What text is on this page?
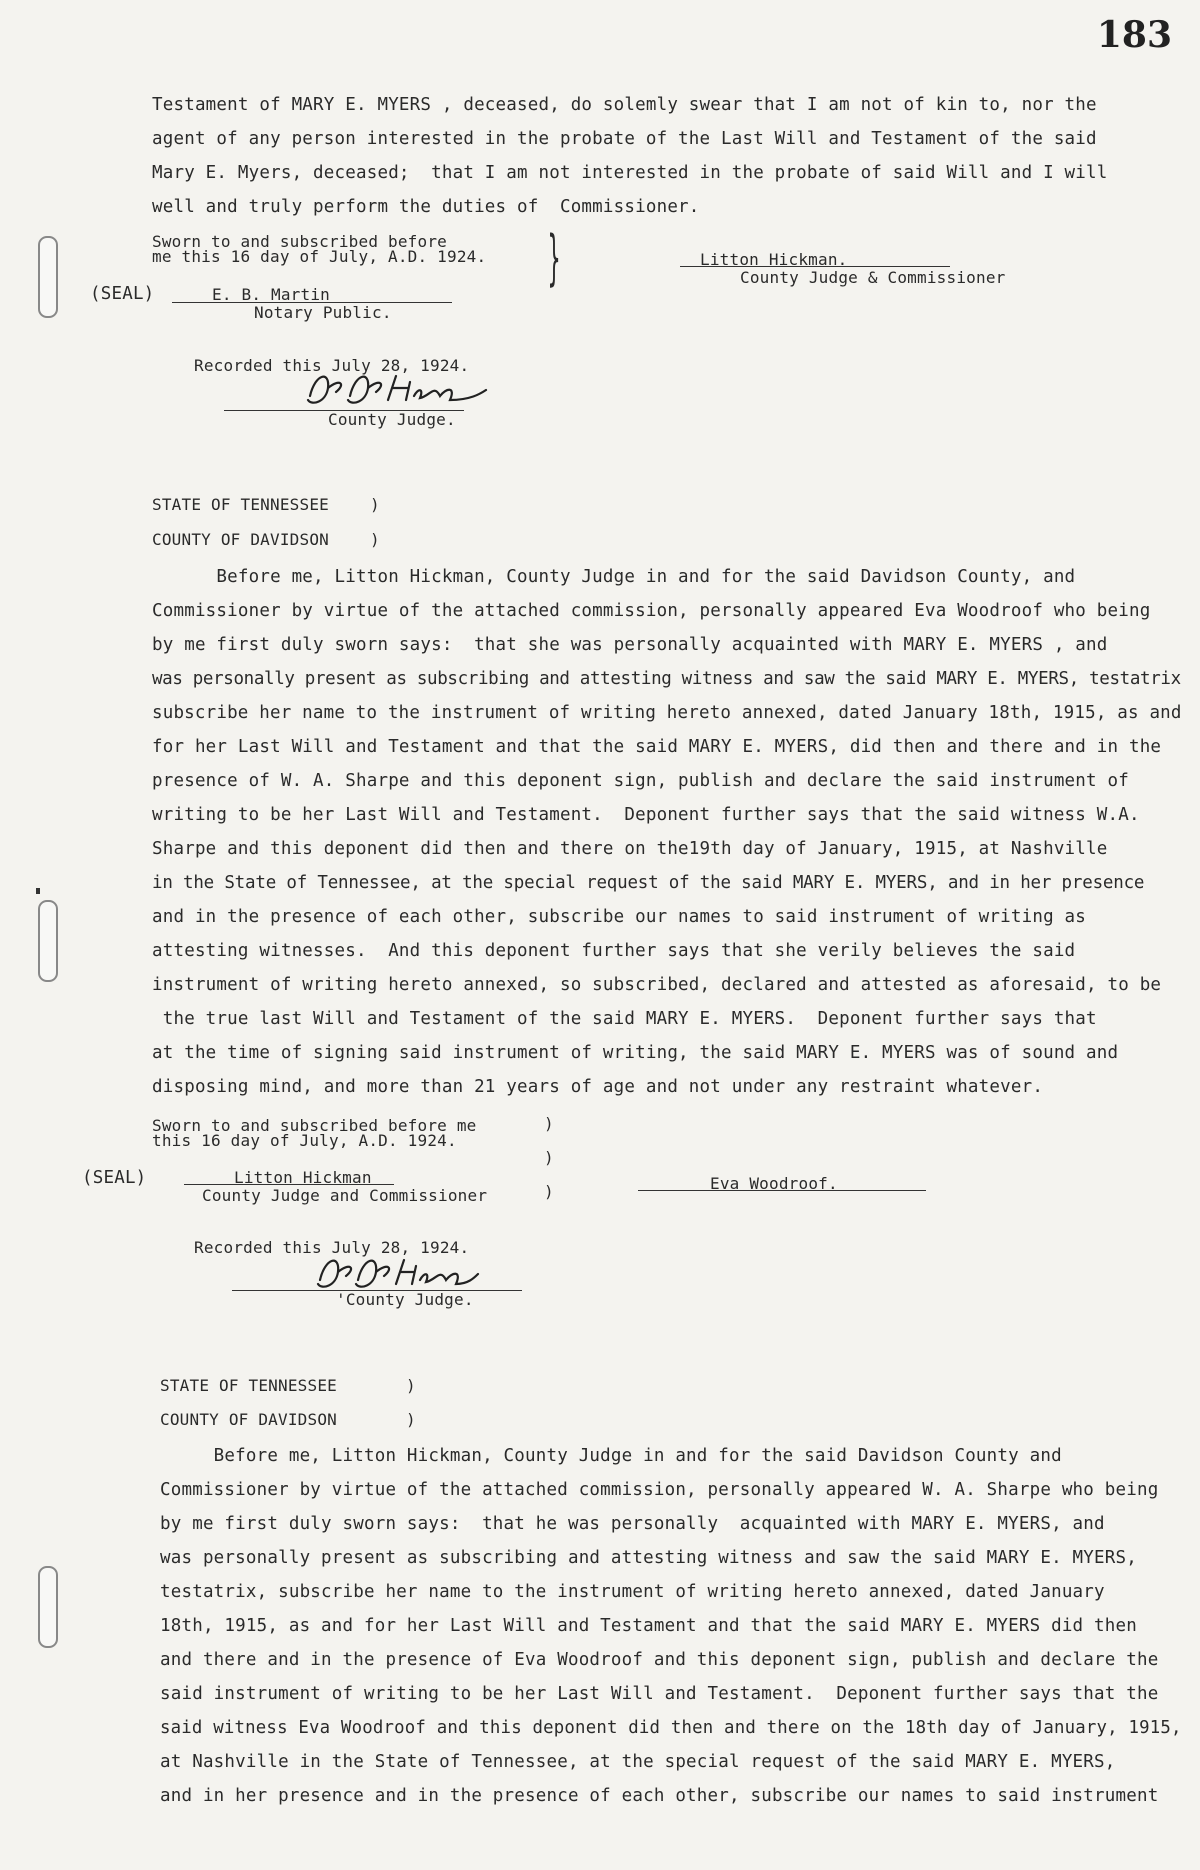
183
Testament of MARY E. MYERS , deceased, do solemly swear that I am not of kin to, nor the
agent of any person interested in the probate of the Last Will and Testament of the said
Mary E. Myers, deceased;  that I am not interested in the probate of said Will and I will
well and truly perform the duties of  Commissioner.
Sworn to and subscribed before
me this 16 day of July, A.D. 1924. }
(SEAL)	E. B. Martin
Notary Public.
Litton Hickman.
County Judge & Commissioner
Recorded this July 28, 1924.
County Judge.
STATE OF TENNESSEE	)
COUNTY OF DAVIDSON	)
Before me, Litton Hickman, County Judge in and for the said Davidson County, and
Commissioner by virtue of the attached commission, personally appeared Eva Woodroof who being
by me first duly sworn says:  that she was personally acquainted with MARY E. MYERS , and
was personally present as subscribing and attesting witness and saw the said MARY E. MYERS, testatrix
subscribe her name to the instrument of writing hereto annexed, dated January 18th, 1915, as and
for her Last Will and Testament and that the said MARY E. MYERS, did then and there and in the
presence of W. A. Sharpe and this deponent sign, publish and declare the said instrument of
writing to be her Last Will and Testament.  Deponent further says that the said witness W.A.
Sharpe and this deponent did then and there on the19th day of January, 1915, at Nashville
in the State of Tennessee, at the special request of the said MARY E. MYERS, and in her presence
and in the presence of each other, subscribe our names to said instrument of writing as
attesting witnesses.  And this deponent further says that she verily believes the said
instrument of writing hereto annexed, so subscribed, declared and attested as aforesaid, to be
the true last Will and Testament of the said MARY E. MYERS.  Deponent further says that
at the time of signing said instrument of writing, the said MARY E. MYERS was of sound and
disposing mind, and more than 21 years of age and not under any restraint whatever.
Sworn to and subscribed before me
this 16 day of July, A.D. 1924.
)
)
)
(SEAL)	Litton Hickman
County Judge and Commissioner
Eva Woodroof.
Recorded this July 28, 1924.
'County Judge.
STATE OF TENNESSEE	)
COUNTY OF DAVIDSON	)
Before me, Litton Hickman, County Judge in and for the said Davidson County and
Commissioner by virtue of the attached commission, personally appeared W. A. Sharpe who being
by me first duly sworn says:  that he was personally  acquainted with MARY E. MYERS, and
was personally present as subscribing and attesting witness and saw the said MARY E. MYERS,
testatrix, subscribe her name to the instrument of writing hereto annexed, dated January
18th, 1915, as and for her Last Will and Testament and that the said MARY E. MYERS did then
and there and in the presence of Eva Woodroof and this deponent sign, publish and declare the
said instrument of writing to be her Last Will and Testament.  Deponent further says that the
said witness Eva Woodroof and this deponent did then and there on the 18th day of January, 1915,
at Nashville in the State of Tennessee, at the special request of the said MARY E. MYERS,
and in her presence and in the presence of each other, subscribe our names to said instrument
